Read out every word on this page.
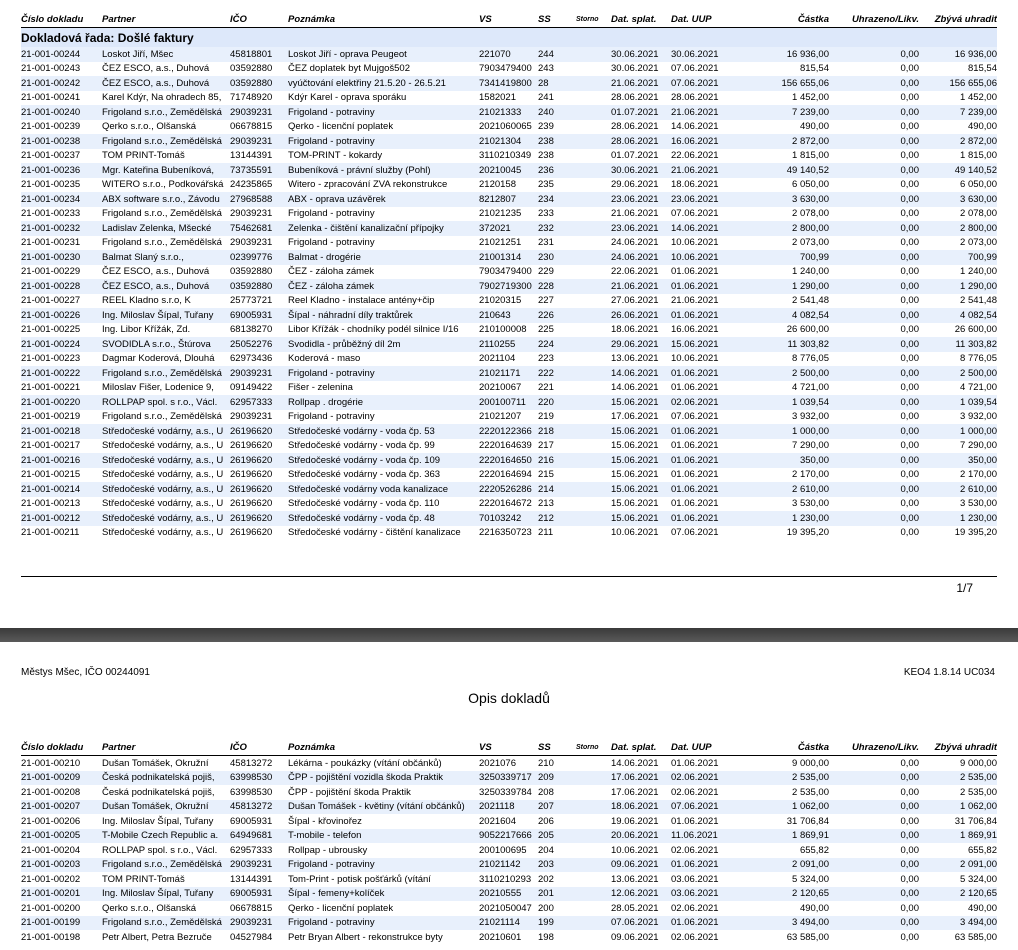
Číslo dokladu	Partner	IČO	Poznámka	VS	SS	Storno	Dat. splat.	Dat. UUP	Částka	Uhrazeno/Likv.	Zbývá uhradit
Dokladová řada: Došlé faktury											
21-001-00244	Loskot Jiří, Mšec	45818801	Loskot Jiří - oprava Peugeot	221070	244		30.06.2021	30.06.2021	16 936,00	0,00	16 936,00
21-001-00243	ČEZ ESCO, a.s., Duhová	03592880	ČEZ doplatek byt Mujgoš502	7903479400	243		30.06.2021	07.06.2021	815,54	0,00	815,54
21-001-00242	ČEZ ESCO, a.s., Duhová	03592880	vyúčtování elektřiny 21.5.20 - 26.5.21	7341419800	28		21.06.2021	07.06.2021	156 655,06	0,00	156 655,06
21-001-00241	Karel Kdýr, Na ohradech 85,	71748920	Kdýr Karel - oprava sporáku	1582021	241		28.06.2021	28.06.2021	1 452,00	0,00	1 452,00
21-001-00240	Frigoland s.r.o., Zemědělská	29039231	Frigoland - potraviny	21021333	240		01.07.2021	21.06.2021	7 239,00	0,00	7 239,00
21-001-00239	Qerko s.r.o., Olšanská	06678815	Qerko - licenční poplatek	2021060065	239		28.06.2021	14.06.2021	490,00	0,00	490,00
21-001-00238	Frigoland s.r.o., Zemědělská	29039231	Frigoland - potraviny	21021304	238		28.06.2021	16.06.2021	2 872,00	0,00	2 872,00
21-001-00237	TOM PRINT-Tomáš	13144391	TOM-PRINT - kokardy	3110210349	238		01.07.2021	22.06.2021	1 815,00	0,00	1 815,00
21-001-00236	Mgr. Kateřina Bubeníková,	73735591	Bubeníková - právní služby (Pohl)	20210045	236		30.06.2021	21.06.2021	49 140,52	0,00	49 140,52
21-001-00235	WITERO s.r.o., Podkovářská	24235865	Witero - zpracování ZVA rekonstrukce	2120158	235		29.06.2021	18.06.2021	6 050,00	0,00	6 050,00
21-001-00234	ABX software s.r.o., Závodu	27968588	ABX - oprava uzávěrek	8212807	234		23.06.2021	23.06.2021	3 630,00	0,00	3 630,00
21-001-00233	Frigoland s.r.o., Zemědělská	29039231	Frigoland - potraviny	21021235	233		21.06.2021	07.06.2021	2 078,00	0,00	2 078,00
21-001-00232	Ladislav Zelenka, Mšecké	75462681	Zelenka - čištění kanalizační přípojky	372021	232		23.06.2021	14.06.2021	2 800,00	0,00	2 800,00
21-001-00231	Frigoland s.r.o., Zemědělská	29039231	Frigoland - potraviny	21021251	231		24.06.2021	10.06.2021	2 073,00	0,00	2 073,00
21-001-00230	Balmat Slaný s.r.o.,	02399776	Balmat - drogérie	21001314	230		24.06.2021	10.06.2021	700,99	0,00	700,99
21-001-00229	ČEZ ESCO, a.s., Duhová	03592880	ČEZ - záloha zámek	7903479400	229		22.06.2021	01.06.2021	1 240,00	0,00	1 240,00
21-001-00228	ČEZ ESCO, a.s., Duhová	03592880	ČEZ - záloha zámek	7902719300	228		21.06.2021	01.06.2021	1 290,00	0,00	1 290,00
21-001-00227	REEL Kladno s.r.o, K	25773721	Reel Kladno - instalace antény+čip	21020315	227		27.06.2021	21.06.2021	2 541,48	0,00	2 541,48
21-001-00226	Ing. Miloslav Šípal, Tuřany	69005931	Šípal - náhradní díly traktůrek	210643	226		26.06.2021	01.06.2021	4 082,54	0,00	4 082,54
21-001-00225	Ing. Libor Křížák, Zd.	68138270	Libor Křížák - chodníky podél silnice I/16	210100008	225		18.06.2021	16.06.2021	26 600,00	0,00	26 600,00
21-001-00224	SVODIDLA s.r.o., Štúrova	25052276	Svodidla - průběžný díl 2m	2110255	224		29.06.2021	15.06.2021	11 303,82	0,00	11 303,82
21-001-00223	Dagmar Koderová, Dlouhá	62973436	Koderová - maso	2021104	223		13.06.2021	10.06.2021	8 776,05	0,00	8 776,05
21-001-00222	Frigoland s.r.o., Zemědělská	29039231	Frigoland - potraviny	21021171	222		14.06.2021	01.06.2021	2 500,00	0,00	2 500,00
21-001-00221	Miloslav Fišer, Lodenice 9,	09149422	Fišer - zelenina	20210067	221		14.06.2021	01.06.2021	4 721,00	0,00	4 721,00
21-001-00220	ROLLPAP spol. s r.o., Václ.	62957333	Rollpap . drogérie	200100711	220		15.06.2021	02.06.2021	1 039,54	0,00	1 039,54
21-001-00219	Frigoland s.r.o., Zemědělská	29039231	Frigoland - potraviny	21021207	219		17.06.2021	07.06.2021	3 932,00	0,00	3 932,00
21-001-00218	Středočeské vodárny, a.s., U	26196620	Středočeské vodárny - voda čp. 53	2220122366	218		15.06.2021	01.06.2021	1 000,00	0,00	1 000,00
21-001-00217	Středočeské vodárny, a.s., U	26196620	Středočeské vodárny - voda čp. 99	2220164639	217		15.06.2021	01.06.2021	7 290,00	0,00	7 290,00
21-001-00216	Středočeské vodárny, a.s., U	26196620	Středočeské vodárny - voda čp. 109	2220164650	216		15.06.2021	01.06.2021	350,00	0,00	350,00
21-001-00215	Středočeské vodárny, a.s., U	26196620	Středočeské vodárny - voda čp. 363	2220164694	215		15.06.2021	01.06.2021	2 170,00	0,00	2 170,00
21-001-00214	Středočeské vodárny, a.s., U	26196620	Středočeské vodárny voda kanalizace	2220526286	214		15.06.2021	01.06.2021	2 610,00	0,00	2 610,00
21-001-00213	Středočeské vodárny, a.s., U	26196620	Středočeské vodárny - voda čp. 110	2220164672	213		15.06.2021	01.06.2021	3 530,00	0,00	3 530,00
21-001-00212	Středočeské vodárny, a.s., U	26196620	Středočeské vodárny - voda čp. 48	70103242	212		15.06.2021	01.06.2021	1 230,00	0,00	1 230,00
21-001-00211	Středočeské vodárny, a.s., U	26196620	Středočeské vodárny - čištění kanalizace	2216350723	211		10.06.2021	07.06.2021	19 395,20	0,00	19 395,20
1/7
Městys Mšec, IČO 00244091	KEO4 1.8.14 UC034
Opis dokladů
Číslo dokladu	Partner	IČO	Poznámka	VS	SS	Storno	Dat. splat.	Dat. UUP	Částka	Uhrazeno/Likv.	Zbývá uhradit
21-001-00210	Dušan Tomášek, Okružní	45813272	Lékárna - poukázky (vítání občánků)	2021076	210		14.06.2021	01.06.2021	9 000,00	0,00	9 000,00
21-001-00209	Česká podnikatelská pojiš,	63998530	ČPP - pojištění vozidla škoda Praktik	3250339717	209		17.06.2021	02.06.2021	2 535,00	0,00	2 535,00
21-001-00208	Česká podnikatelská pojiš,	63998530	ČPP - pojištění škoda Praktik	3250339784	208		17.06.2021	02.06.2021	2 535,00	0,00	2 535,00
21-001-00207	Dušan Tomášek, Okružní	45813272	Dušan Tomášek - květiny (vítání občánků)	2021118	207		18.06.2021	07.06.2021	1 062,00	0,00	1 062,00
21-001-00206	Ing. Miloslav Šípal, Tuřany	69005931	Šípal - křovinořez	2021604	206		19.06.2021	01.06.2021	31 706,84	0,00	31 706,84
21-001-00205	T-Mobile Czech Republic a.	64949681	T-mobile - telefon	9052217666	205		20.06.2021	11.06.2021	1 869,91	0,00	1 869,91
21-001-00204	ROLLPAP spol. s r.o., Václ.	62957333	Rollpap - ubrousky	200100695	204		10.06.2021	02.06.2021	655,82	0,00	655,82
21-001-00203	Frigoland s.r.o., Zemědělská	29039231	Frigoland - potraviny	21021142	203		09.06.2021	01.06.2021	2 091,00	0,00	2 091,00
21-001-00202	TOM PRINT-Tomáš	13144391	Tom-Print - potisk pošťárků (vítání	3110210293	202		13.06.2021	03.06.2021	5 324,00	0,00	5 324,00
21-001-00201	Ing. Miloslav Šípal, Tuřany	69005931	Šípal - femeny+kolíček	20210555	201		12.06.2021	03.06.2021	2 120,65	0,00	2 120,65
21-001-00200	Qerko s.r.o., Olšanská	06678815	Qerko - licenční poplatek	2021050047	200		28.05.2021	02.06.2021	490,00	0,00	490,00
21-001-00199	Frigoland s.r.o., Zemědělská	29039231	Frigoland - potraviny	21021114	199		07.06.2021	01.06.2021	3 494,00	0,00	3 494,00
21-001-00198	Petr Albert, Petra Bezruče	04527984	Petr Bryan Albert - rekonstrukce byty	20210601	198		09.06.2021	02.06.2021	63 585,00	0,00	63 585,00
